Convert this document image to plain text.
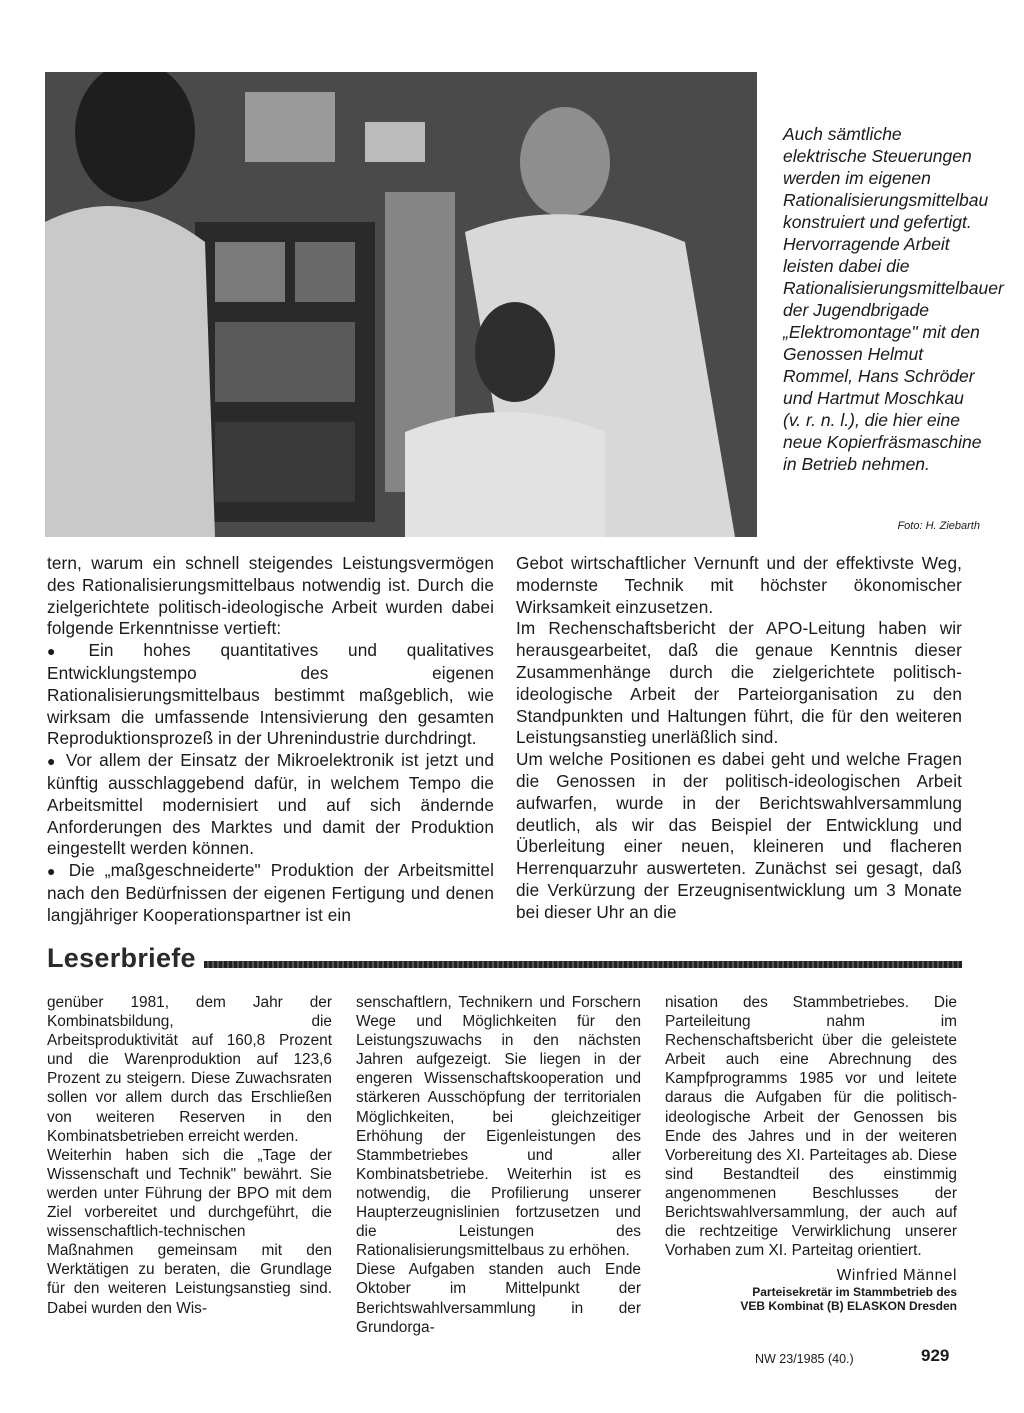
Auch sämtliche elektrische Steuerungen werden im eigenen Rationalisierungsmittelbau konstruiert und gefertigt. Hervorragende Arbeit leisten dabei die Rationalisierungsmittelbauer der Jugendbrigade „Elektromontage" mit den Genossen Helmut Rommel, Hans Schröder und Hartmut Moschkau (v. r. n. l.), die hier eine neue Kopierfräsmaschine in Betrieb nehmen.
Foto: H. Ziebarth

tern, warum ein schnell steigendes Leistungsvermögen des Rationalisierungsmittelbaus notwendig ist. Durch die zielgerichtete politisch-ideologische Arbeit wurden dabei folgende Erkenntnisse vertieft:

● Ein hohes quantitatives und qualitatives Entwicklungstempo des eigenen Rationalisierungsmittelbaus bestimmt maßgeblich, wie wirksam die umfassende Intensivierung den gesamten Reproduktionsprozeß in der Uhrenindustrie durchdringt.

● Vor allem der Einsatz der Mikroelektronik ist jetzt und künftig ausschlaggebend dafür, in welchem Tempo die Arbeitsmittel modernisiert und auf sich ändernde Anforderungen des Marktes und damit der Produktion eingestellt werden können.

● Die „maßgeschneiderte" Produktion der Arbeitsmittel nach den Bedürfnissen der eigenen Fertigung und denen langjähriger Kooperationspartner ist ein

Gebot wirtschaftlicher Vernunft und der effektivste Weg, modernste Technik mit höchster ökonomischer Wirksamkeit einzusetzen.

Im Rechenschaftsbericht der APO-Leitung haben wir herausgearbeitet, daß die genaue Kenntnis dieser Zusammenhänge durch die zielgerichtete politisch-ideologische Arbeit der Parteiorganisation zu den Standpunkten und Haltungen führt, die für den weiteren Leistungsanstieg unerläßlich sind.

Um welche Positionen es dabei geht und welche Fragen die Genossen in der politisch-ideologischen Arbeit aufwarfen, wurde in der Berichtswahlversammlung deutlich, als wir das Beispiel der Entwicklung und Überleitung einer neuen, kleineren und flacheren Herrenquarzuhr auswerteten. Zunächst sei gesagt, daß die Verkürzung der Erzeugnisentwicklung um 3 Monate bei dieser Uhr an die

Leserbriefe

genüber 1981, dem Jahr der Kombinatsbildung, die Arbeitsproduktivität auf 160,8 Prozent und die Warenproduktion auf 123,6 Prozent zu steigern. Diese Zuwachsraten sollen vor allem durch das Erschließen von weiteren Reserven in den Kombinatsbetrieben erreicht werden.

Weiterhin haben sich die „Tage der Wissenschaft und Technik" bewährt. Sie werden unter Führung der BPO mit dem Ziel vorbereitet und durchgeführt, die wissenschaftlich-technischen Maßnahmen gemeinsam mit den Werktätigen zu beraten, die Grundlage für den weiteren Leistungsanstieg sind. Dabei wurden den Wis-

senschaftlern, Technikern und Forschern Wege und Möglichkeiten für den Leistungszuwachs in den nächsten Jahren aufgezeigt. Sie liegen in der engeren Wissenschaftskooperation und stärkeren Ausschöpfung der territorialen Möglichkeiten, bei gleichzeitiger Erhöhung der Eigenleistungen des Stammbetriebes und aller Kombinatsbetriebe. Weiterhin ist es notwendig, die Profilierung unserer Haupterzeugnislinien fortzusetzen und die Leistungen des Rationalisierungsmittelbaus zu erhöhen.

Diese Aufgaben standen auch Ende Oktober im Mittelpunkt der Berichtswahlversammlung in der Grundorga-

nisation des Stammbetriebes. Die Parteileitung nahm im Rechenschaftsbericht über die geleistete Arbeit auch eine Abrechnung des Kampfprogramms 1985 vor und leitete daraus die Aufgaben für die politisch-ideologische Arbeit der Genossen bis Ende des Jahres und in der weiteren Vorbereitung des XI. Parteitages ab. Diese sind Bestandteil des einstimmig angenommenen Beschlusses der Berichtswahlversammlung, der auch auf die rechtzeitige Verwirklichung unserer Vorhaben zum XI. Parteitag orientiert.

Winfried Männel
Parteisekretär im Stammbetrieb des
VEB Kombinat (B) ELASKON Dresden
NW 23/1985 (40.)	929
